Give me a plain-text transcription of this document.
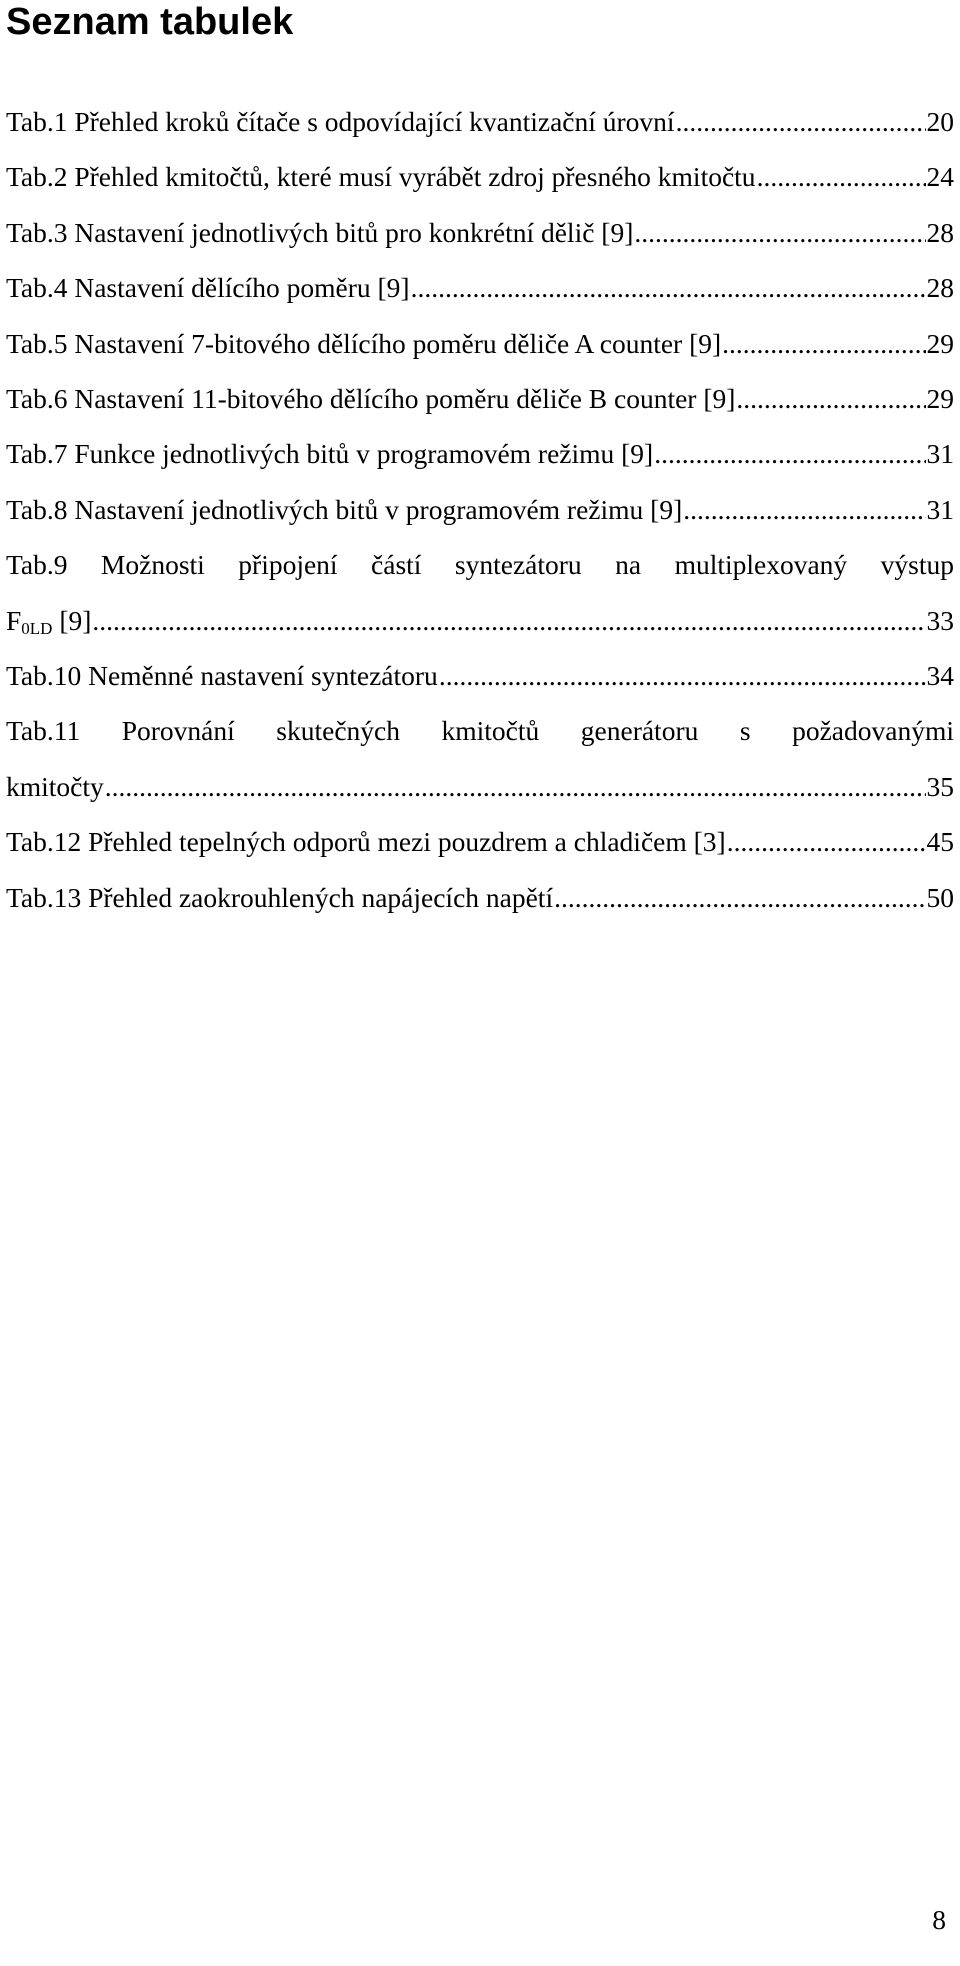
Seznam tabulek
Tab.1 Přehled kroků čítače s odpovídající kvantizační úrovní .....	20
Tab.2 Přehled kmitočtů, které musí vyrábět zdroj přesného kmitočtu .....	24
Tab.3 Nastavení jednotlivých bitů pro konkrétní dělič [9] .....	28
Tab.4 Nastavení dělícího poměru [9] .....	28
Tab.5 Nastavení 7-bitového dělícího poměru děliče A counter [9] .....	29
Tab.6 Nastavení 11-bitového dělícího poměru děliče B counter [9] .....	29
Tab.7 Funkce jednotlivých bitů v programovém režimu [9] .....	31
Tab.8 Nastavení jednotlivých bitů v programovém režimu [9] .....	31
Tab.9 Možnosti připojení částí syntezátoru na multiplexovaný výstup
$F_{0LD}$ [9] .....	33
Tab.10 Neměnné nastavení syntezátoru .....	34
Tab.11 Porovnání skutečných kmitočtů generátoru s požadovanými
kmitočty .....	35
Tab.12 Přehled tepelných odporů mezi pouzdrem a chladičem [3] .....	45
Tab.13 Přehled zaokrouhlených napájecích napětí .....	50
8
